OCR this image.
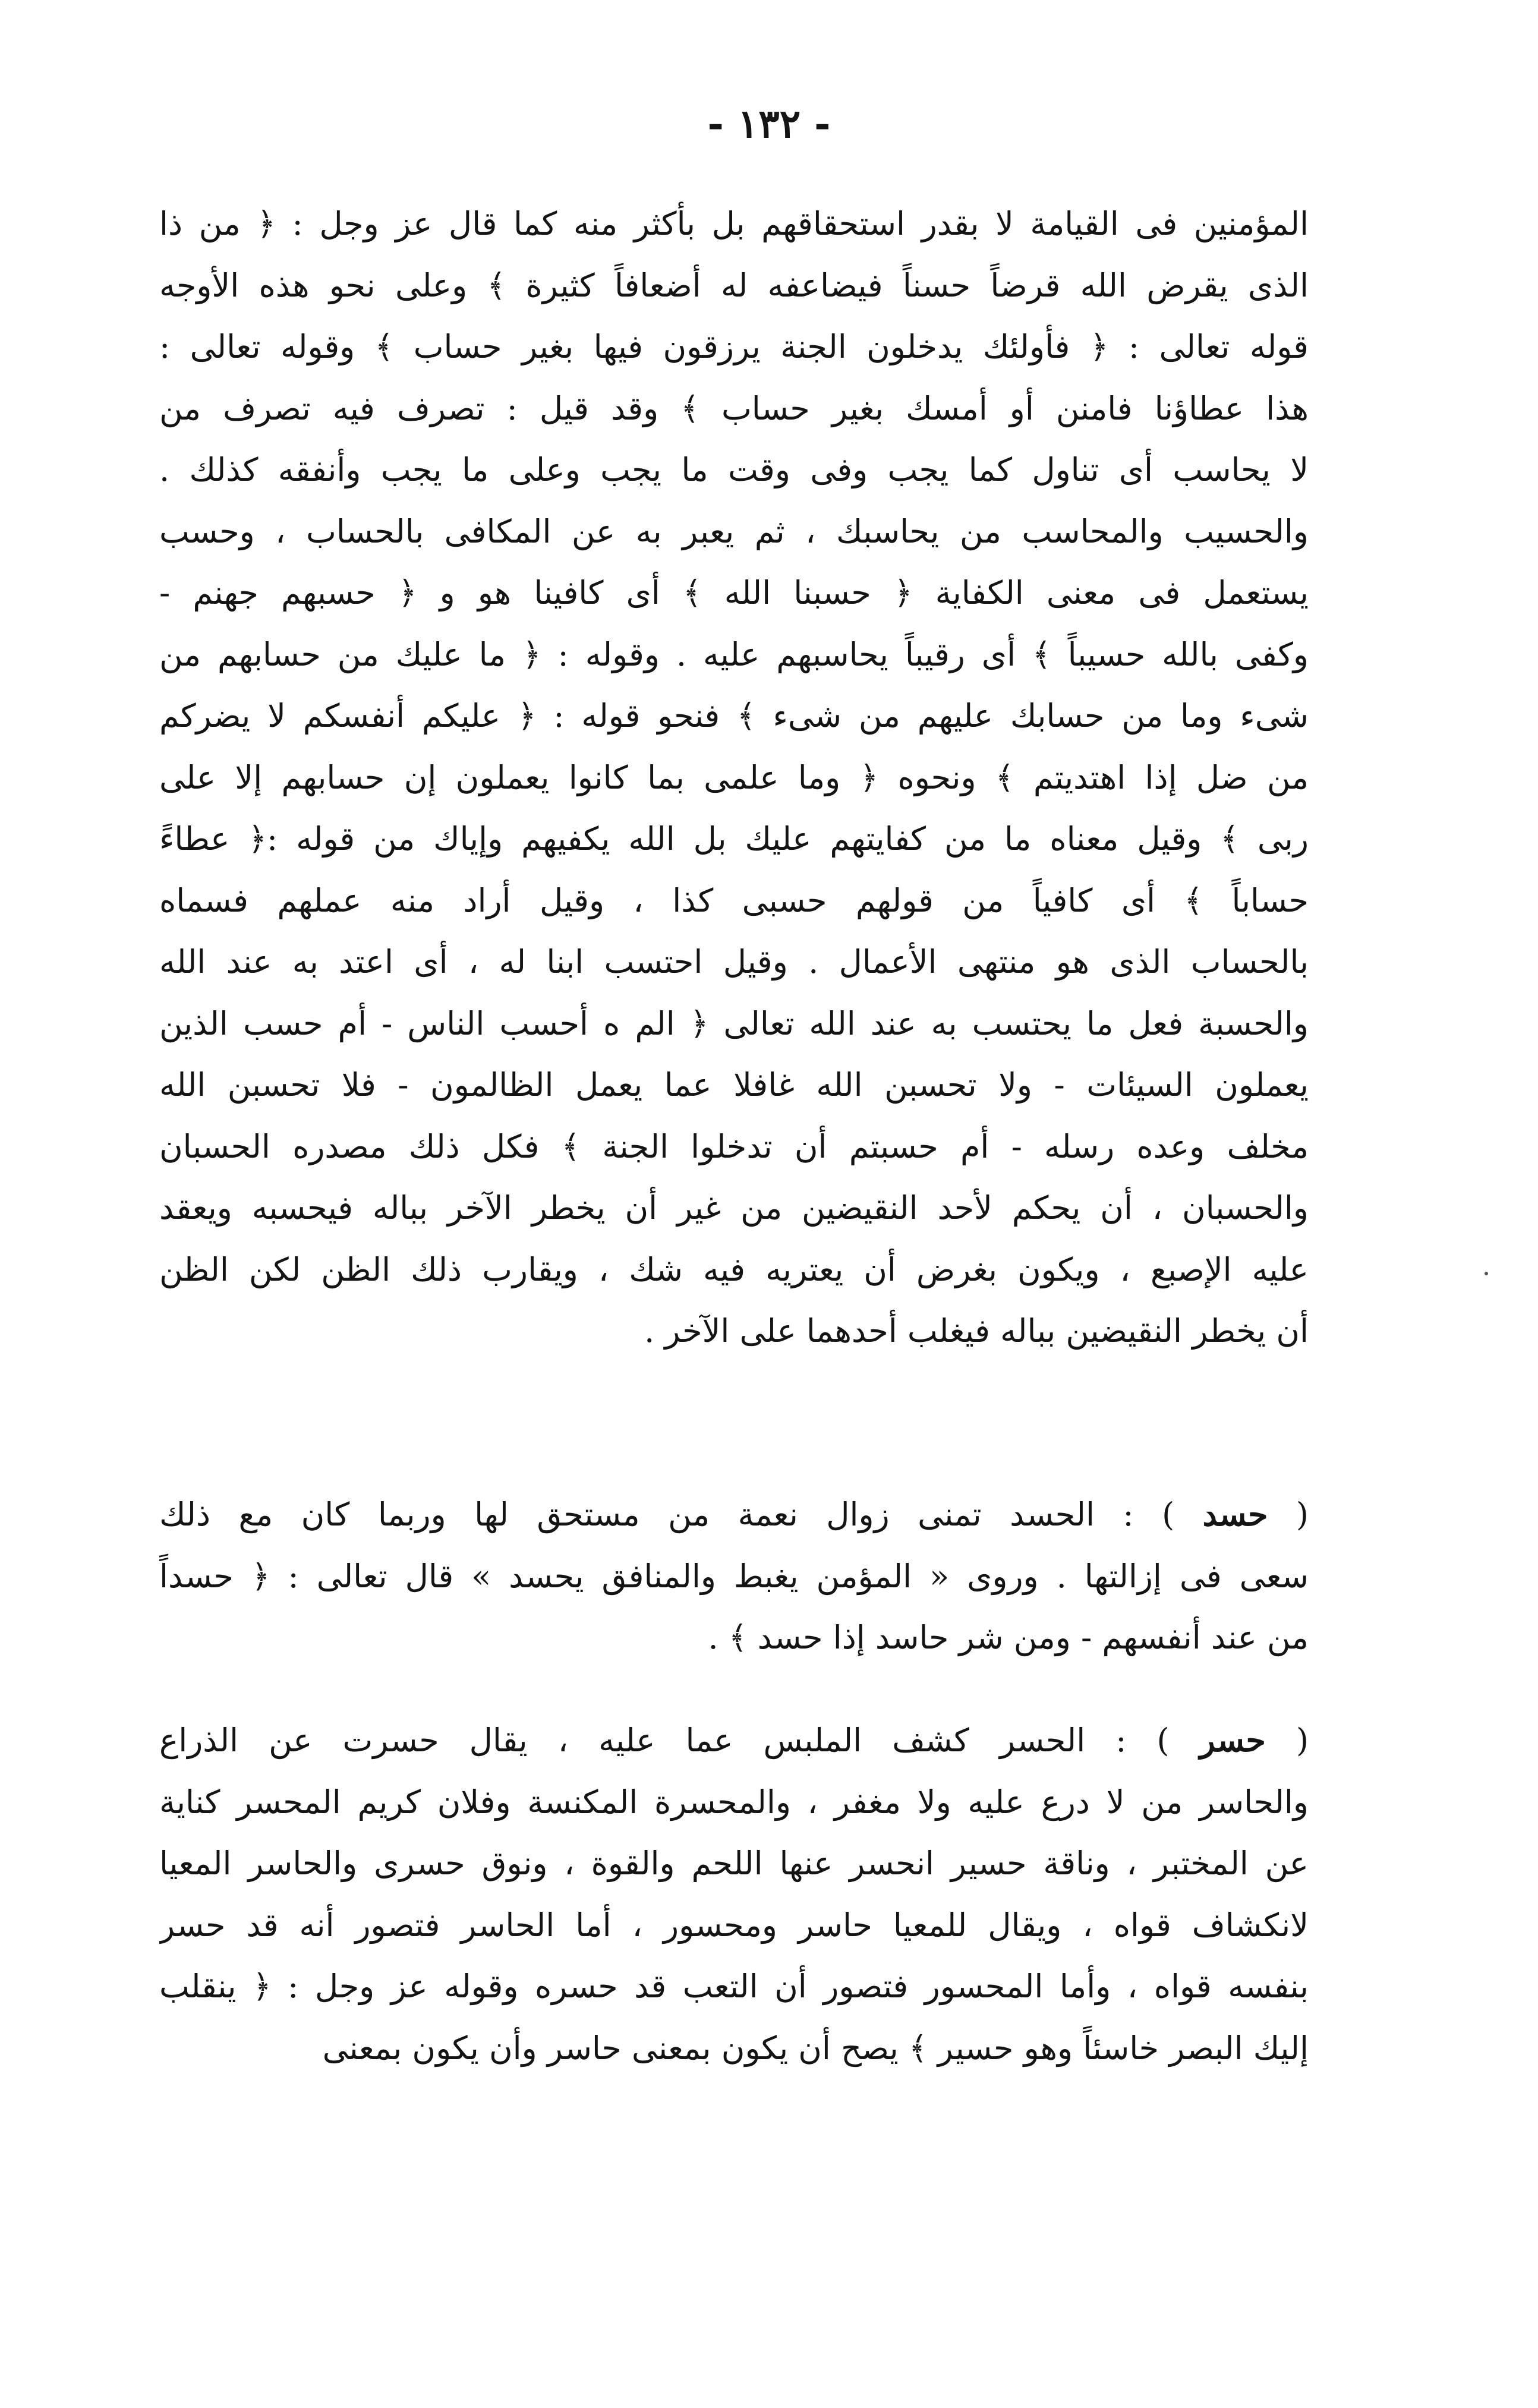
- ١٣٢ -
المؤمنين فى القيامة لا بقدر استحقاقهم بل بأكثر منه كما قال عز وجل : ﴿ من ذا
الذى يقرض الله قرضاً حسناً فيضاعفه له أضعافاً كثيرة ﴾ وعلى نحو هذه الأوجه
قوله تعالى : ﴿ فأولئك يدخلون الجنة يرزقون فيها بغير حساب ﴾ وقوله تعالى :
هذا عطاؤنا فامنن أو أمسك بغير حساب ﴾ وقد قيل : تصرف فيه تصرف من
لا يحاسب أى تناول كما يجب وفى وقت ما يجب وعلى ما يجب وأنفقه كذلك .
والحسيب والمحاسب من يحاسبك ، ثم يعبر به عن المكافى بالحساب ، وحسب
يستعمل فى معنى الكفاية ﴿ حسبنا الله ﴾ أى كافينا هو و ﴿ حسبهم جهنم -
وكفى بالله حسيباً ﴾ أى رقيباً يحاسبهم عليه . وقوله : ﴿ ما عليك من حسابهم من
شىء وما من حسابك عليهم من شىء ﴾ فنحو قوله : ﴿ عليكم أنفسكم لا يضركم
من ضل إذا اهتديتم ﴾ ونحوه ﴿ وما علمى بما كانوا يعملون إن حسابهم إلا على
ربى ﴾ وقيل معناه ما من كفايتهم عليك بل الله يكفيهم وإياك من قوله :﴿ عطاءً
حساباً ﴾ أى كافياً من قولهم حسبى كذا ، وقيل أراد منه عملهم فسماه
بالحساب الذى هو منتهى الأعمال . وقيل احتسب ابنا له ، أى اعتد به عند الله
والحسبة فعل ما يحتسب به عند الله تعالى ﴿ الم ه أحسب الناس - أم حسب الذين
يعملون السيئات - ولا تحسبن الله غافلا عما يعمل الظالمون - فلا تحسبن الله
مخلف وعده رسله - أم حسبتم أن تدخلوا الجنة ﴾ فكل ذلك مصدره الحسبان
والحسبان ، أن يحكم لأحد النقيضين من غير أن يخطر الآخر بباله فيحسبه ويعقد
عليه الإصبع ، ويكون بغرض أن يعتريه فيه شك ، ويقارب ذلك الظن لكن الظن
أن يخطر النقيضين بباله فيغلب أحدهما على الآخر .
( حسد ) : الحسد تمنى زوال نعمة من مستحق لها وربما كان مع ذلك
سعى فى إزالتها . وروى « المؤمن يغبط والمنافق يحسد » قال تعالى : ﴿ حسداً
من عند أنفسهم - ومن شر حاسد إذا حسد ﴾ .
( حسر ) : الحسر كشف الملبس عما عليه ، يقال حسرت عن الذراع
والحاسر من لا درع عليه ولا مغفر ، والمحسرة المكنسة وفلان كريم المحسر كناية
عن المختبر ، وناقة حسير انحسر عنها اللحم والقوة ، ونوق حسرى والحاسر المعيا
لانكشاف قواه ، ويقال للمعيا حاسر ومحسور ، أما الحاسر فتصور أنه قد حسر
بنفسه قواه ، وأما المحسور فتصور أن التعب قد حسره وقوله عز وجل : ﴿ ينقلب
إليك البصر خاسئاً وهو حسير ﴾ يصح أن يكون بمعنى حاسر وأن يكون بمعنى
